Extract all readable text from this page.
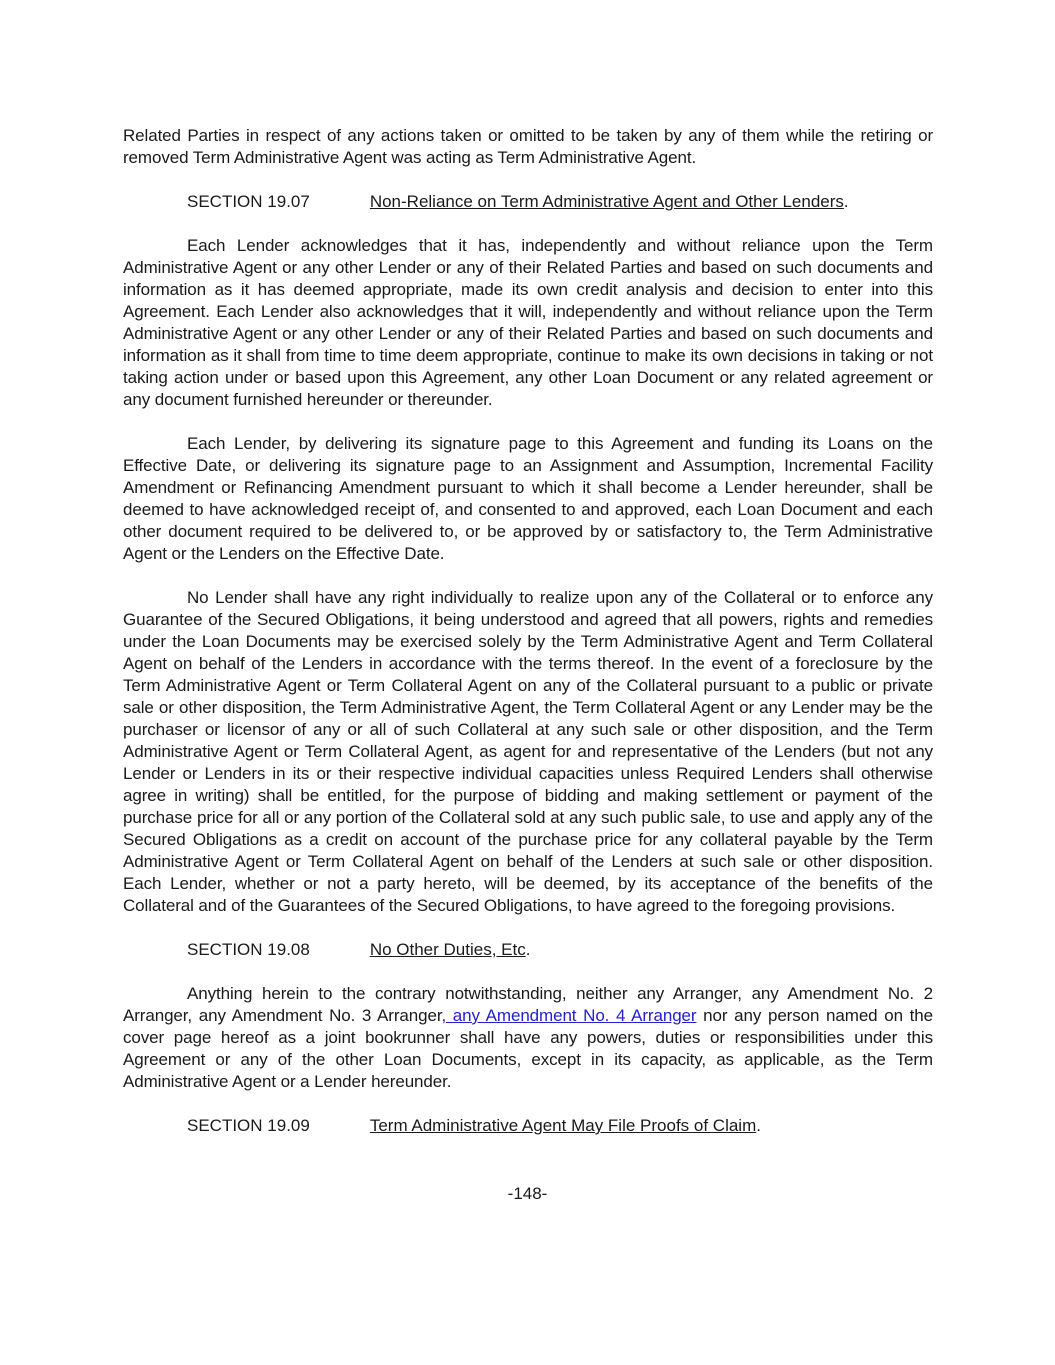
Related Parties in respect of any actions taken or omitted to be taken by any of them while the retiring or removed Term Administrative Agent was acting as Term Administrative Agent.

SECTION 19.07	Non-Reliance on Term Administrative Agent and Other Lenders.

Each Lender acknowledges that it has, independently and without reliance upon the Term Administrative Agent or any other Lender or any of their Related Parties and based on such documents and information as it has deemed appropriate, made its own credit analysis and decision to enter into this Agreement. Each Lender also acknowledges that it will, independently and without reliance upon the Term Administrative Agent or any other Lender or any of their Related Parties and based on such documents and information as it shall from time to time deem appropriate, continue to make its own decisions in taking or not taking action under or based upon this Agreement, any other Loan Document or any related agreement or any document furnished hereunder or thereunder.

Each Lender, by delivering its signature page to this Agreement and funding its Loans on the Effective Date, or delivering its signature page to an Assignment and Assumption, Incremental Facility Amendment or Refinancing Amendment pursuant to which it shall become a Lender hereunder, shall be deemed to have acknowledged receipt of, and consented to and approved, each Loan Document and each other document required to be delivered to, or be approved by or satisfactory to, the Term Administrative Agent or the Lenders on the Effective Date.

No Lender shall have any right individually to realize upon any of the Collateral or to enforce any Guarantee of the Secured Obligations, it being understood and agreed that all powers, rights and remedies under the Loan Documents may be exercised solely by the Term Administrative Agent and Term Collateral Agent on behalf of the Lenders in accordance with the terms thereof. In the event of a foreclosure by the Term Administrative Agent or Term Collateral Agent on any of the Collateral pursuant to a public or private sale or other disposition, the Term Administrative Agent, the Term Collateral Agent or any Lender may be the purchaser or licensor of any or all of such Collateral at any such sale or other disposition, and the Term Administrative Agent or Term Collateral Agent, as agent for and representative of the Lenders (but not any Lender or Lenders in its or their respective individual capacities unless Required Lenders shall otherwise agree in writing) shall be entitled, for the purpose of bidding and making settlement or payment of the purchase price for all or any portion of the Collateral sold at any such public sale, to use and apply any of the Secured Obligations as a credit on account of the purchase price for any collateral payable by the Term Administrative Agent or Term Collateral Agent on behalf of the Lenders at such sale or other disposition. Each Lender, whether or not a party hereto, will be deemed, by its acceptance of the benefits of the Collateral and of the Guarantees of the Secured Obligations, to have agreed to the foregoing provisions.

SECTION 19.08	No Other Duties, Etc.

Anything herein to the contrary notwithstanding, neither any Arranger, any Amendment No. 2 Arranger, any Amendment No. 3 Arranger, any Amendment No. 4 Arranger nor any person named on the cover page hereof as a joint bookrunner shall have any powers, duties or responsibilities under this Agreement or any of the other Loan Documents, except in its capacity, as applicable, as the Term Administrative Agent or a Lender hereunder.

SECTION 19.09	Term Administrative Agent May File Proofs of Claim.

-148-
